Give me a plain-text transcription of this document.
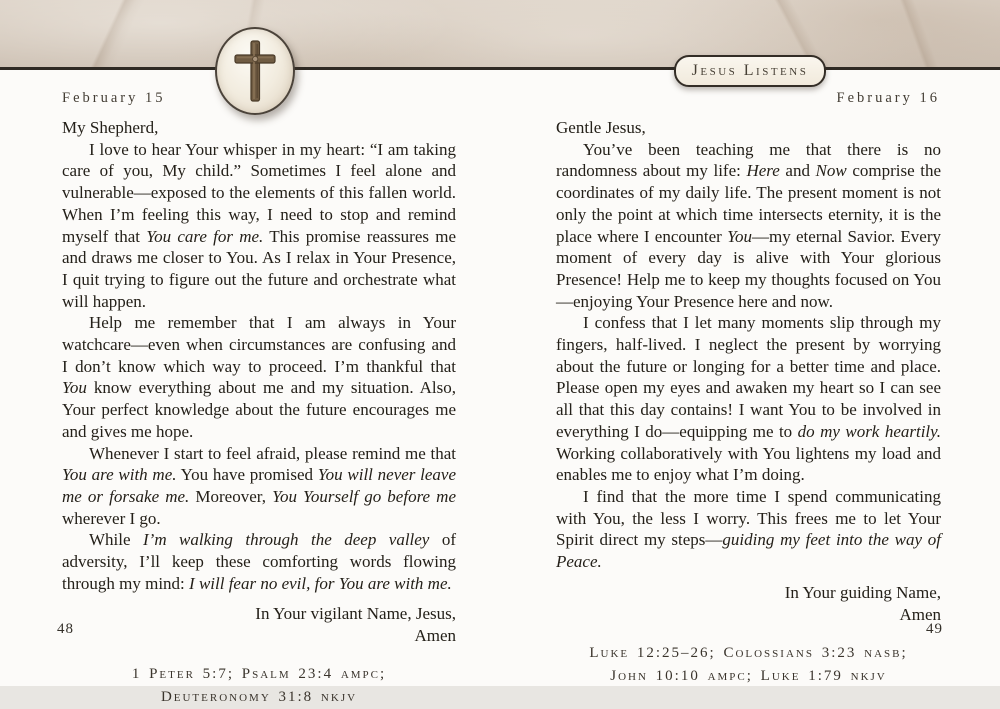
Jesus Listens
February 15	February 16

My Shepherd,

I love to hear Your whisper in my heart: “I am taking care of you, My child.” Sometimes I feel alone and vulnerable—exposed to the elements of this fallen world. When I’m feeling this way, I need to stop and remind myself that You care for me. This promise reassures me and draws me closer to You. As I relax in Your Presence, I quit trying to figure out the future and orchestrate what will happen.

Help me remember that I am always in Your watchcare—even when circumstances are confusing and I don’t know which way to proceed. I’m thankful that You know everything about me and my situation. Also, Your perfect knowledge about the future encourages me and gives me hope.

Whenever I start to feel afraid, please remind me that You are with me. You have promised You will never leave me or forsake me. Moreover, You Yourself go before me wherever I go.

While I’m walking through the deep valley of adversity, I’ll keep these comforting words flowing through my mind: I will fear no evil, for You are with me.

In Your vigilant Name, Jesus,
Amen
1 Peter 5:7; Psalm 23:4 ampc;
Deuteronomy 31:8 nkjv

Gentle Jesus,

You’ve been teaching me that there is no randomness about my life: Here and Now comprise the coordinates of my daily life. The present moment is not only the point at which time intersects eternity, it is the place where I encounter You—my eternal Savior. Every moment of every day is alive with Your glorious Presence! Help me to keep my thoughts focused on You—enjoying Your Presence here and now.

I confess that I let many moments slip through my fingers, half-lived. I neglect the present by worrying about the future or longing for a better time and place. Please open my eyes and awaken my heart so I can see all that this day contains! I want You to be involved in everything I do—equipping me to do my work heartily. Working collaboratively with You lightens my load and enables me to enjoy what I’m doing.

I find that the more time I spend communicating with You, the less I worry. This frees me to let Your Spirit direct my steps—guiding my feet into the way of Peace.

In Your guiding Name,
Amen
Luke 12:25–26; Colossians 3:23 nasb;
John 10:10 ampc; Luke 1:79 nkjv
48	49
